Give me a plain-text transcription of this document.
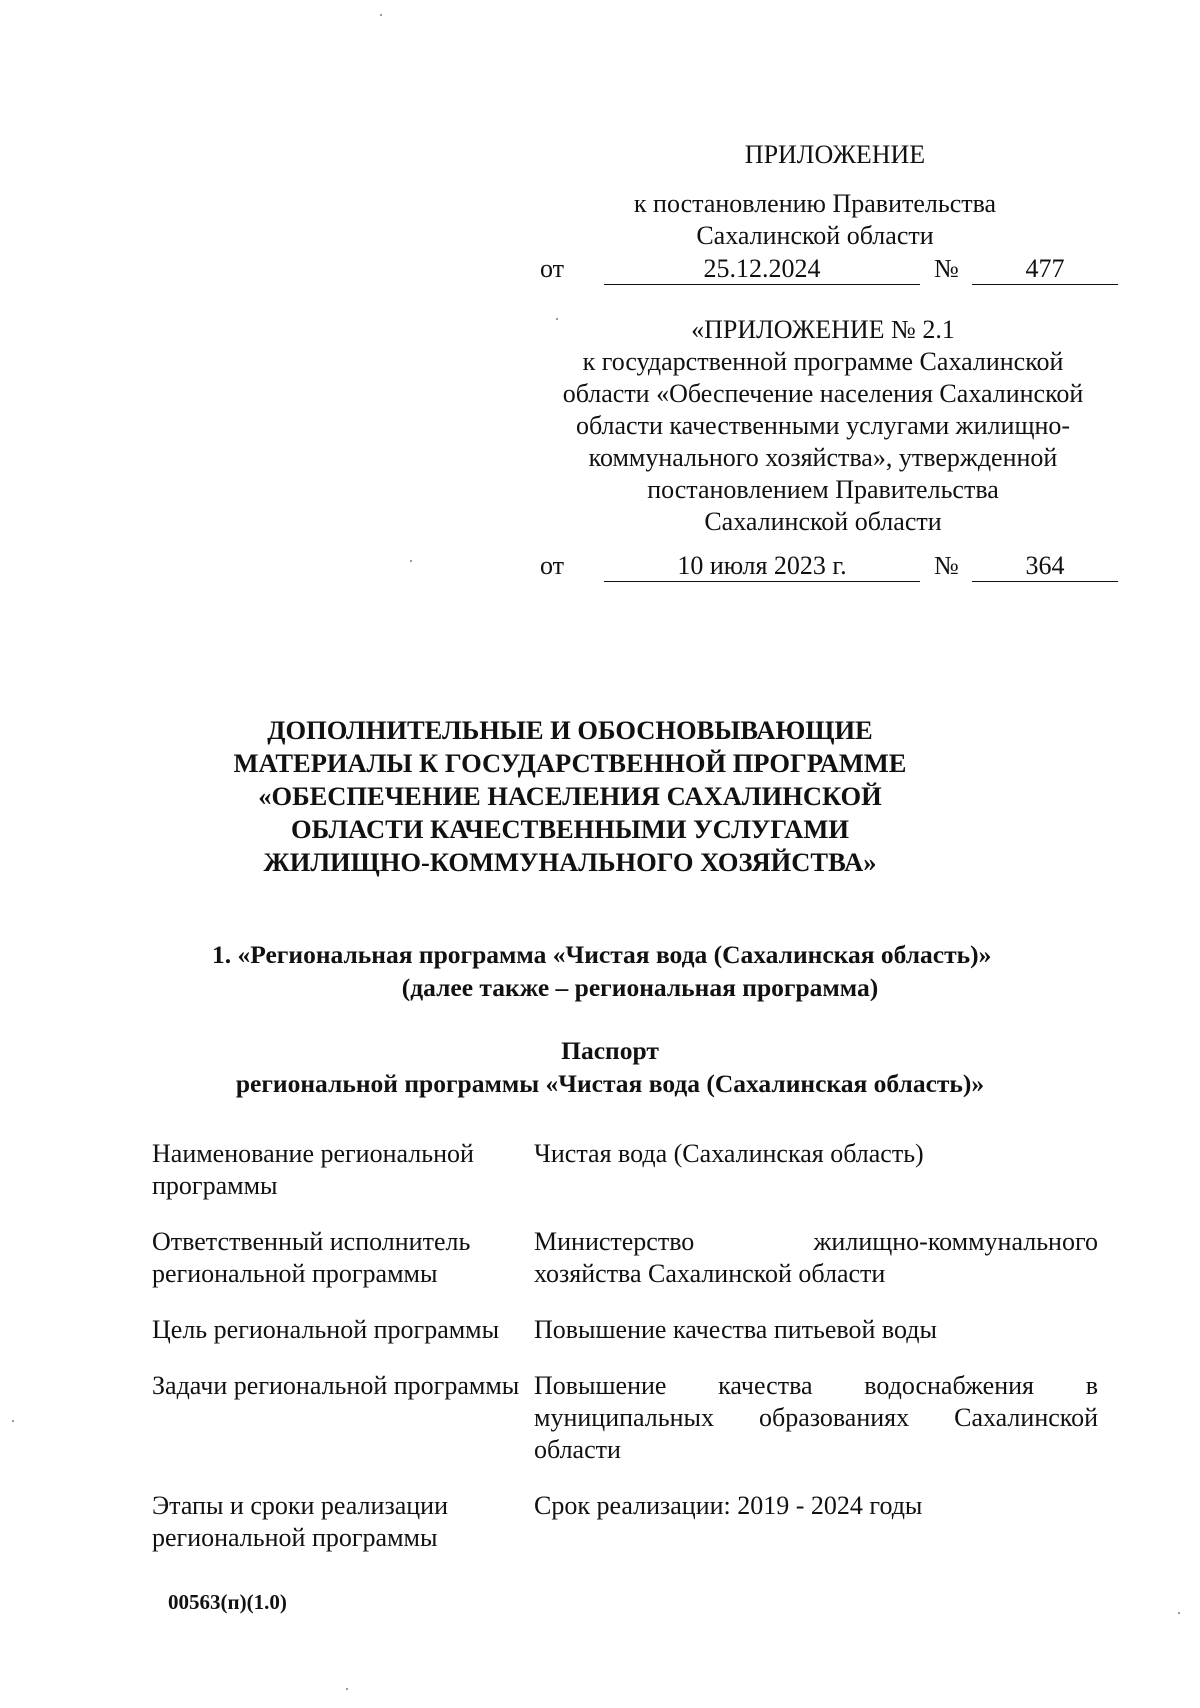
ПРИЛОЖЕНИЕ
к постановлению Правительства
Сахалинской области
от	25.12.2024	№	477
«ПРИЛОЖЕНИЕ № 2.1
к государственной программе Сахалинской
области «Обеспечение населения Сахалинской
области качественными услугами жилищно-
коммунального хозяйства», утвержденной
постановлением Правительства
Сахалинской области
от	10 июля 2023 г.	№	364
ДОПОЛНИТЕЛЬНЫЕ И ОБОСНОВЫВАЮЩИЕ
МАТЕРИАЛЫ К ГОСУДАРСТВЕННОЙ ПРОГРАММЕ
«ОБЕСПЕЧЕНИЕ НАСЕЛЕНИЯ САХАЛИНСКОЙ
ОБЛАСТИ КАЧЕСТВЕННЫМИ УСЛУГАМИ
ЖИЛИЩНО-КОММУНАЛЬНОГО ХОЗЯЙСТВА»
1. «Региональная программа «Чистая вода (Сахалинская область)»
(далее также – региональная программа)
Паспорт
региональной программы «Чистая вода (Сахалинская область)»
Наименование региональной программы	Чистая вода (Сахалинская область)
Ответственный исполнитель региональной программы	Министерство жилищно-коммунального хозяйства Сахалинской области
Цель региональной программы	Повышение качества питьевой воды
Задачи региональной программы	Повышение качества водоснабжения в муниципальных образованиях Сахалинской области
Этапы и сроки реализации региональной программы	Срок реализации: 2019 - 2024 годы
00563(п)(1.0)
